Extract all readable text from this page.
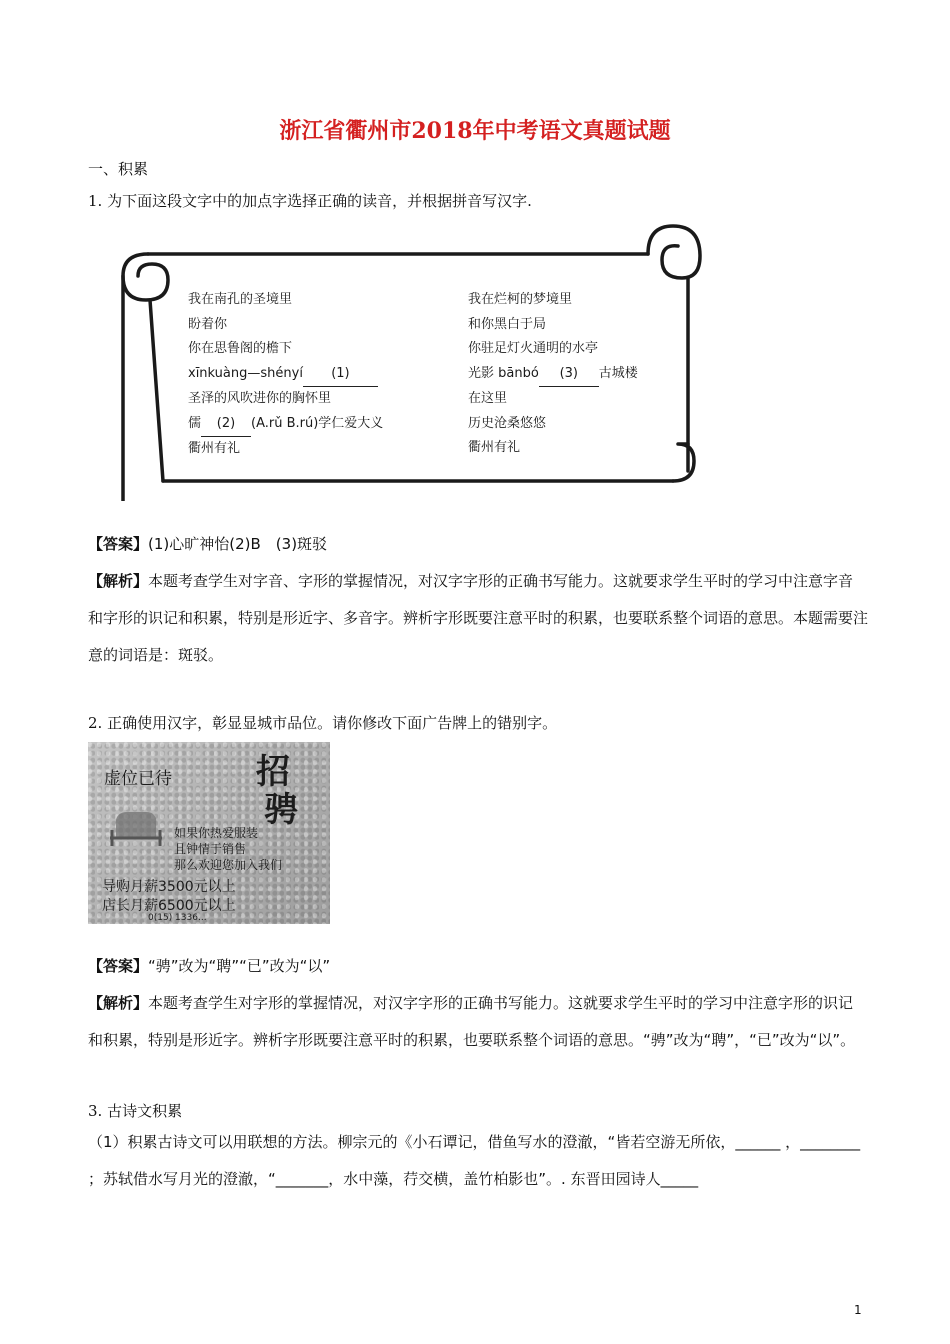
浙江省衢州市2018年中考语文真题试题
一、积累
1. 为下面这段文字中的加点字选择正确的读音，并根据拼音写汉字.
我在南孔的圣境里
盼着你
你在思鲁阁的檐下
xīnkuàng—shényí (1)
圣泽的风吹进你的胸怀里
儒 (2) (A.rǔ B.rú)学仁爱大义
衢州有礼
我在烂柯的梦境里
和你黑白于局
你驻足灯火通明的水亭
光影 bānbó (3) 古城楼
在这里
历史沧桑悠悠
衢州有礼
【答案】(1)心旷神怡(2)B　(3)斑驳
【解析】本题考查学生对字音、字形的掌握情况，对汉字字形的正确书写能力。这就要求学生平时的学习中注意字音和字形的识记和积累，特别是形近字、多音字。辨析字形既要注意平时的积累，也要联系整个词语的意思。本题需要注意的词语是：斑驳。
2. 正确使用汉字，彰显显城市品位。请你修改下面广告牌上的错别字。
虚位已待 招
骋
如果你热爱服装
且钟情于销售
那么欢迎您加入我们
导购月薪3500元以上
店长月薪6500元以上
0(15) 1336...
【答案】“骋”改为“聘”“已”改为“以”
【解析】本题考查学生对字形的掌握情况，对汉字字形的正确书写能力。这就要求学生平时的学习中注意字形的识记和积累，特别是形近字。辨析字形既要注意平时的积累，也要联系整个词语的意思。“骋”改为“聘”，“已”改为“以”。
3. 古诗文积累
（1）积累古诗文可以用联想的方法。柳宗元的《小石谭记，借鱼写水的澄澈，“皆若空游无所依，______ ，________ ；苏轼借水写月光的澄澈，“_______，水中藻，荇交横，盖竹柏影也”。. 东晋田园诗人_____
1
